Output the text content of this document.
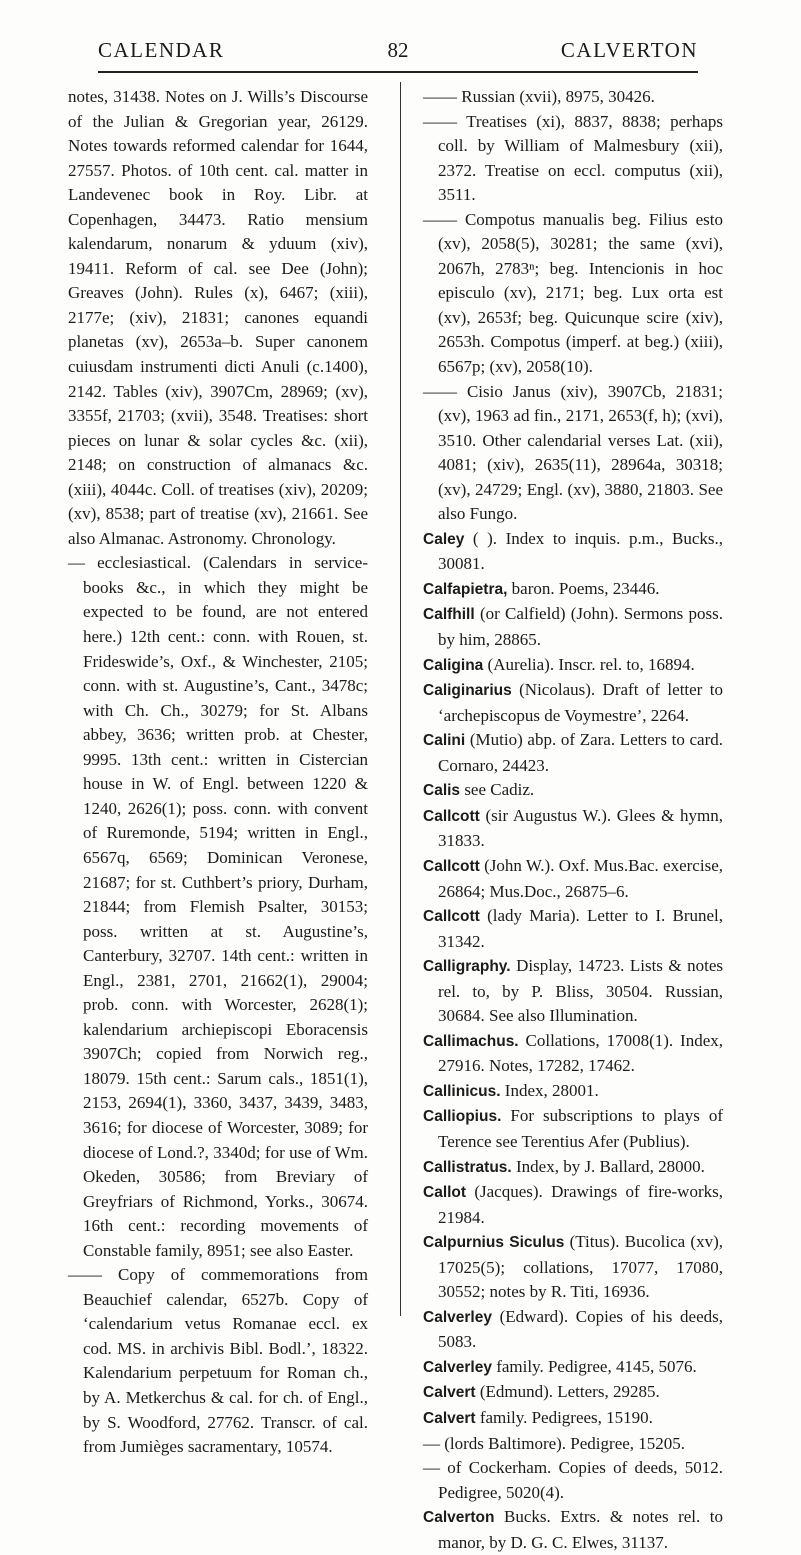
CALENDAR	82	CALVERTON

notes, 31438. Notes on J. Wills’s Discourse of the Julian & Gregorian year, 26129. Notes towards reformed calendar for 1644, 27557. Photos. of 10th cent. cal. matter in Landevenec book in Roy. Libr. at Copenhagen, 34473. Ratio mensium kalendarum, nonarum & yduum (xiv), 19411. Reform of cal. see Dee (John); Greaves (John). Rules (x), 6467; (xiii), 2177e; (xiv), 21831; canones equandi planetas (xv), 2653a–b. Super canonem cuiusdam instrumenti dicti Anuli (c.1400), 2142. Tables (xiv), 3907Cm, 28969; (xv), 3355f, 21703; (xvii), 3548. Treatises: short pieces on lunar & solar cycles &c. (xii), 2148; on construction of almanacs &c. (xiii), 4044c. Coll. of treatises (xiv), 20209; (xv), 8538; part of treatise (xv), 21661. See also Almanac. Astronomy. Chronology.

— ecclesiastical. (Calendars in service-books &c., in which they might be expected to be found, are not entered here.) 12th cent.: conn. with Rouen, st. Frideswide’s, Oxf., & Winchester, 2105; conn. with st. Augustine’s, Cant., 3478c; with Ch. Ch., 30279; for St. Albans abbey, 3636; written prob. at Chester, 9995. 13th cent.: written in Cistercian house in W. of Engl. between 1220 & 1240, 2626(1); poss. conn. with convent of Ruremonde, 5194; written in Engl., 6567q, 6569; Dominican Veronese, 21687; for st. Cuthbert’s priory, Durham, 21844; from Flemish Psalter, 30153; poss. written at st. Augustine’s, Canterbury, 32707. 14th cent.: written in Engl., 2381, 2701, 21662(1), 29004; prob. conn. with Worcester, 2628(1); kalendarium archiepiscopi Eboracensis 3907Ch; copied from Norwich reg., 18079. 15th cent.: Sarum cals., 1851(1), 2153, 2694(1), 3360, 3437, 3439, 3483, 3616; for diocese of Worcester, 3089; for diocese of Lond.?, 3340d; for use of Wm. Okeden, 30586; from Breviary of Greyfriars of Richmond, Yorks., 30674. 16th cent.: recording movements of Constable family, 8951; see also Easter.

—— Copy of commemorations from Beauchief calendar, 6527b. Copy of ‘calendarium vetus Romanae eccl. ex cod. MS. in archivis Bibl. Bodl.’, 18322. Kalendarium perpetuum for Roman ch., by A. Metkerchus & cal. for ch. of Engl., by S. Woodford, 27762. Transcr. of cal. from Jumièges sacramentary, 10574.

—— Russian (xvii), 8975, 30426.

—— Treatises (xi), 8837, 8838; perhaps coll. by William of Malmesbury (xii), 2372. Treatise on eccl. computus (xii), 3511.

—— Compotus manualis beg. Filius esto (xv), 2058(5), 30281; the same (xvi), 2067h, 2783ⁿ; beg. Intencionis in hoc episculo (xv), 2171; beg. Lux orta est (xv), 2653f; beg. Quicunque scire (xiv), 2653h. Compotus (imperf. at beg.) (xiii), 6567p; (xv), 2058(10).

—— Cisio Janus (xiv), 3907Cb, 21831; (xv), 1963 ad fin., 2171, 2653(f, h); (xvi), 3510. Other calendarial verses Lat. (xii), 4081; (xiv), 2635(11), 28964a, 30318; (xv), 24729; Engl. (xv), 3880, 21803. See also Fungo.

Caley ( ). Index to inquis. p.m., Bucks., 30081.

Calfapietra, baron. Poems, 23446.

Calfhill (or Calfield) (John). Sermons poss. by him, 28865.

Caligina (Aurelia). Inscr. rel. to, 16894.

Caliginarius (Nicolaus). Draft of letter to ‘archepiscopus de Voymestre’, 2264.

Calini (Mutio) abp. of Zara. Letters to card. Cornaro, 24423.

Calis see Cadiz.

Callcott (sir Augustus W.). Glees & hymn, 31833.

Callcott (John W.). Oxf. Mus.Bac. exercise, 26864; Mus.Doc., 26875–6.

Callcott (lady Maria). Letter to I. Brunel, 31342.

Calligraphy. Display, 14723. Lists & notes rel. to, by P. Bliss, 30504. Russian, 30684. See also Illumination.

Callimachus. Collations, 17008(1). Index, 27916. Notes, 17282, 17462.

Callinicus. Index, 28001.

Calliopius. For subscriptions to plays of Terence see Terentius Afer (Publius).

Callistratus. Index, by J. Ballard, 28000.

Callot (Jacques). Drawings of fire-works, 21984.

Calpurnius Siculus (Titus). Bucolica (xv), 17025(5); collations, 17077, 17080, 30552; notes by R. Titi, 16936.

Calverley (Edward). Copies of his deeds, 5083.

Calverley family. Pedigree, 4145, 5076.

Calvert (Edmund). Letters, 29285.

Calvert family. Pedigrees, 15190.

— (lords Baltimore). Pedigree, 15205.

— of Cockerham. Copies of deeds, 5012. Pedigree, 5020(4).

Calverton Bucks. Extrs. & notes rel. to manor, by D. G. C. Elwes, 31137.
